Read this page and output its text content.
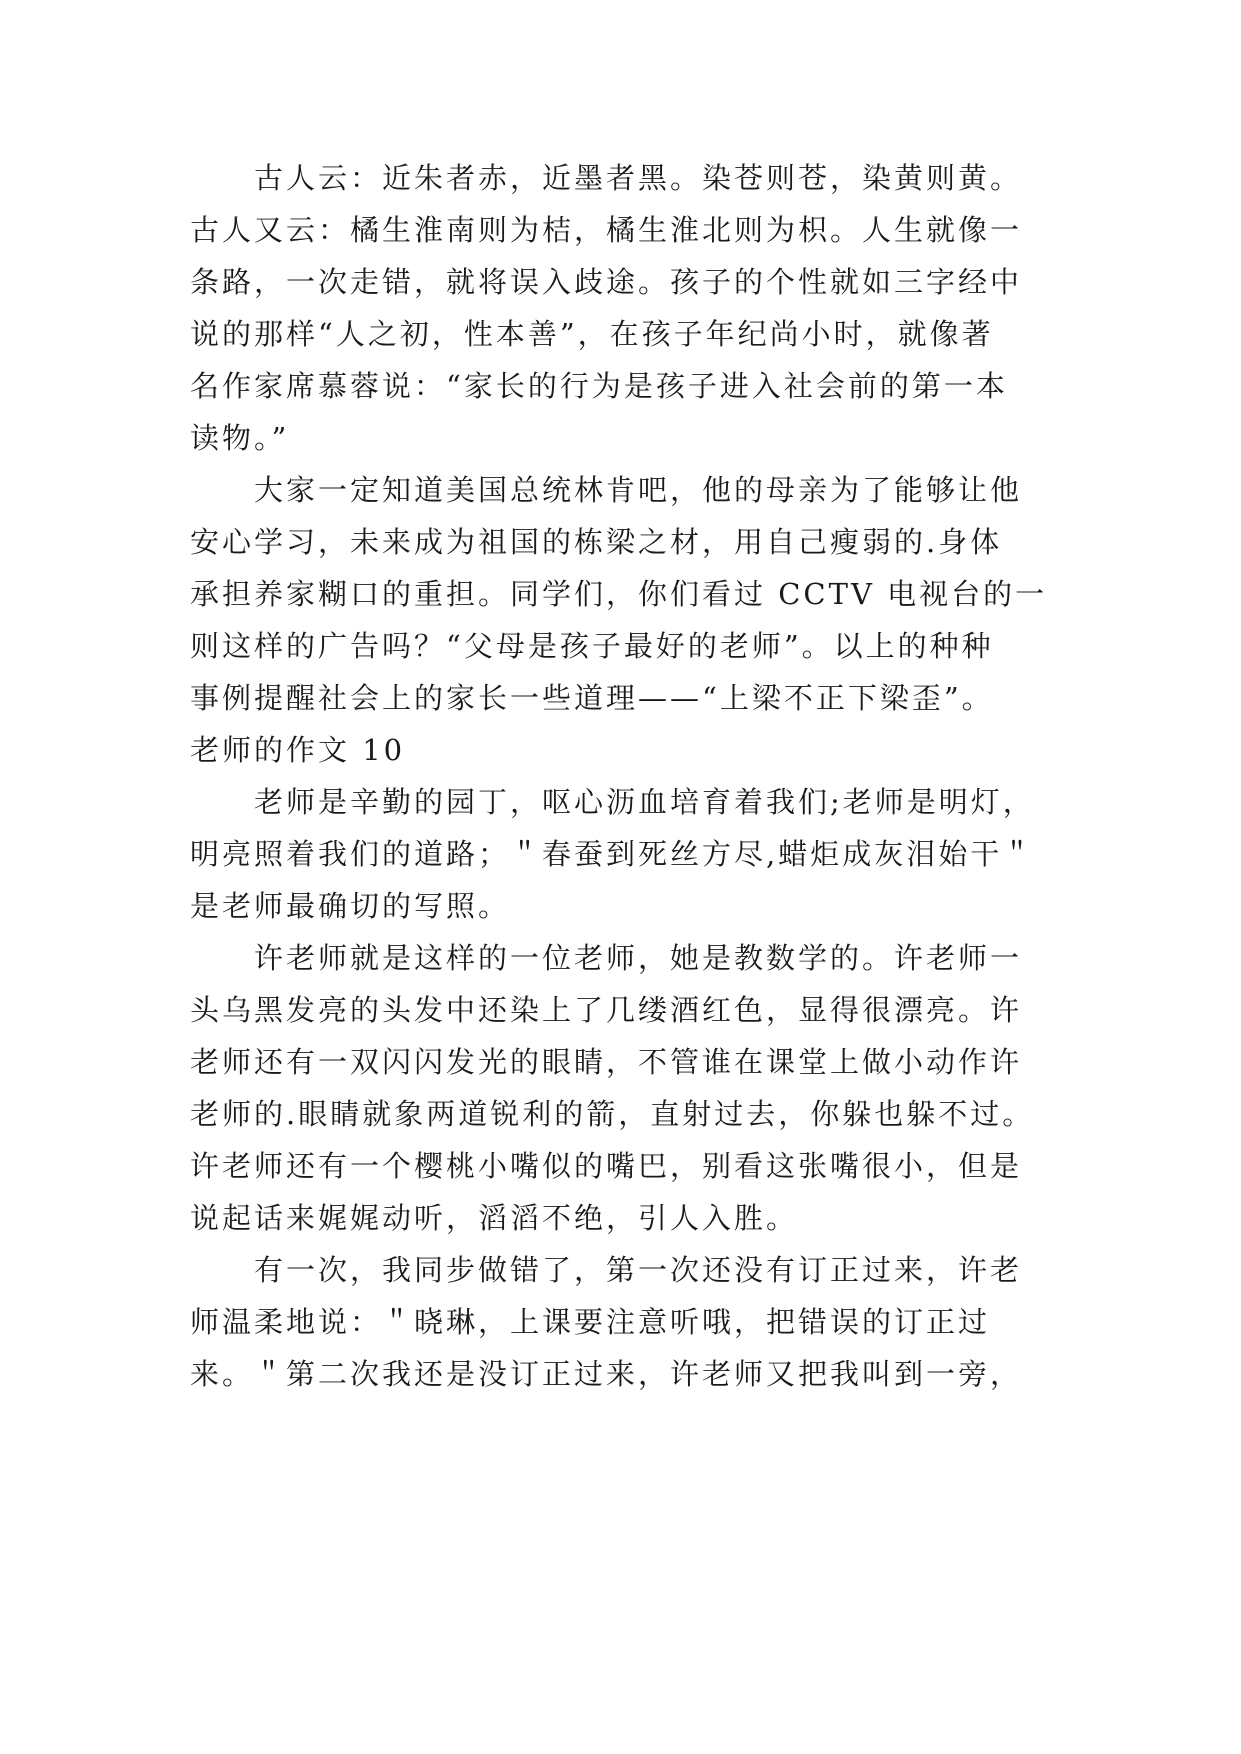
古人云：近朱者赤，近墨者黑。染苍则苍，染黄则黄。
古人又云：橘生淮南则为桔，橘生淮北则为枳。人生就像一
条路，一次走错，就将误入歧途。孩子的个性就如三字经中
说的那样“人之初，性本善”，在孩子年纪尚小时，就像著
名作家席慕蓉说：“家长的行为是孩子进入社会前的第一本
读物。”
大家一定知道美国总统林肯吧，他的母亲为了能够让他
安心学习，未来成为祖国的栋梁之材，用自己瘦弱的.身体
承担养家糊口的重担。同学们，你们看过 CCTV 电视台的一
则这样的广告吗？“父母是孩子最好的老师”。以上的种种
事例提醒社会上的家长一些道理——“上梁不正下梁歪”。
老师的作文 10
老师是辛勤的园丁，呕心沥血培育着我们;老师是明灯，
明亮照着我们的道路；＂春蚕到死丝方尽,蜡炬成灰泪始干＂
是老师最确切的写照。
许老师就是这样的一位老师，她是教数学的。许老师一
头乌黑发亮的头发中还染上了几缕酒红色，显得很漂亮。许
老师还有一双闪闪发光的眼睛，不管谁在课堂上做小动作许
老师的.眼睛就象两道锐利的箭，直射过去，你躲也躲不过。
许老师还有一个樱桃小嘴似的嘴巴，别看这张嘴很小，但是
说起话来娓娓动听，滔滔不绝，引人入胜。
有一次，我同步做错了，第一次还没有订正过来，许老
师温柔地说：＂晓琳，上课要注意听哦，把错误的订正过
来。＂第二次我还是没订正过来，许老师又把我叫到一旁，
